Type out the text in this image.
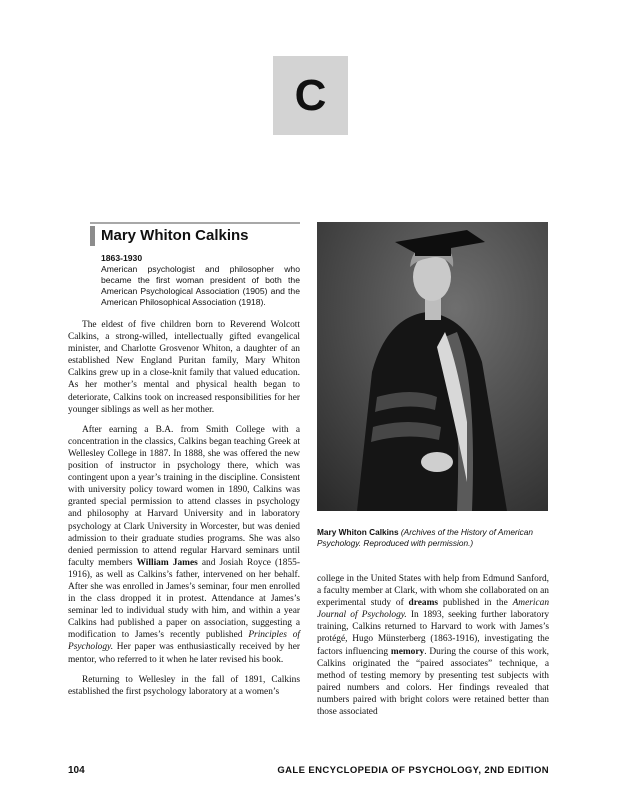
C
Mary Whiton Calkins
1863-1930
American psychologist and philosopher who became the first woman president of both the American Psychological Association (1905) and the American Philosophical Association (1918).

The eldest of five children born to Reverend Wolcott Calkins, a strong-willed, intellectually gifted evangelical minister, and Charlotte Grosvenor Whiton, a daughter of an established New England Puritan family, Mary Whiton Calkins grew up in a close-knit family that valued education. As her mother’s mental and physical health began to deteriorate, Calkins took on increased responsibilities for her younger siblings as well as her mother.

After earning a B.A. from Smith College with a concentration in the classics, Calkins began teaching Greek at Wellesley College in 1887. In 1888, she was offered the new position of instructor in psychology there, which was contingent upon a year’s training in the discipline. Consistent with university policy toward women in 1890, Calkins was granted special permission to attend classes in psychology and philosophy at Harvard University and in laboratory psychology at Clark University in Worcester, but was denied admission to their graduate studies programs. She was also denied permission to attend regular Harvard seminars until faculty members William James and Josiah Royce (1855-1916), as well as Calkins’s father, intervened on her behalf. After she was enrolled in James’s seminar, four men enrolled in the class dropped it in protest. Attendance at James’s seminar led to individual study with him, and within a year Calkins had published a paper on association, suggesting a modification to James’s recently published Principles of Psychology. Her paper was enthusiastically received by her mentor, who referred to it when he later revised his book.

Returning to Wellesley in the fall of 1891, Calkins established the first psychology laboratory at a women’s

Mary Whiton Calkins (Archives of the History of American Psychology. Reproduced with permission.)

college in the United States with help from Edmund Sanford, a faculty member at Clark, with whom she collaborated on an experimental study of dreams published in the American Journal of Psychology. In 1893, seeking further laboratory training, Calkins returned to Harvard to work with James’s protégé, Hugo Münsterberg (1863-1916), investigating the factors influencing memory. During the course of this work, Calkins originated the “paired associates” technique, a method of testing memory by presenting test subjects with paired numbers and colors. Her findings revealed that numbers paired with bright colors were retained better than those associated

104	GALE ENCYCLOPEDIA OF PSYCHOLOGY, 2ND EDITION
